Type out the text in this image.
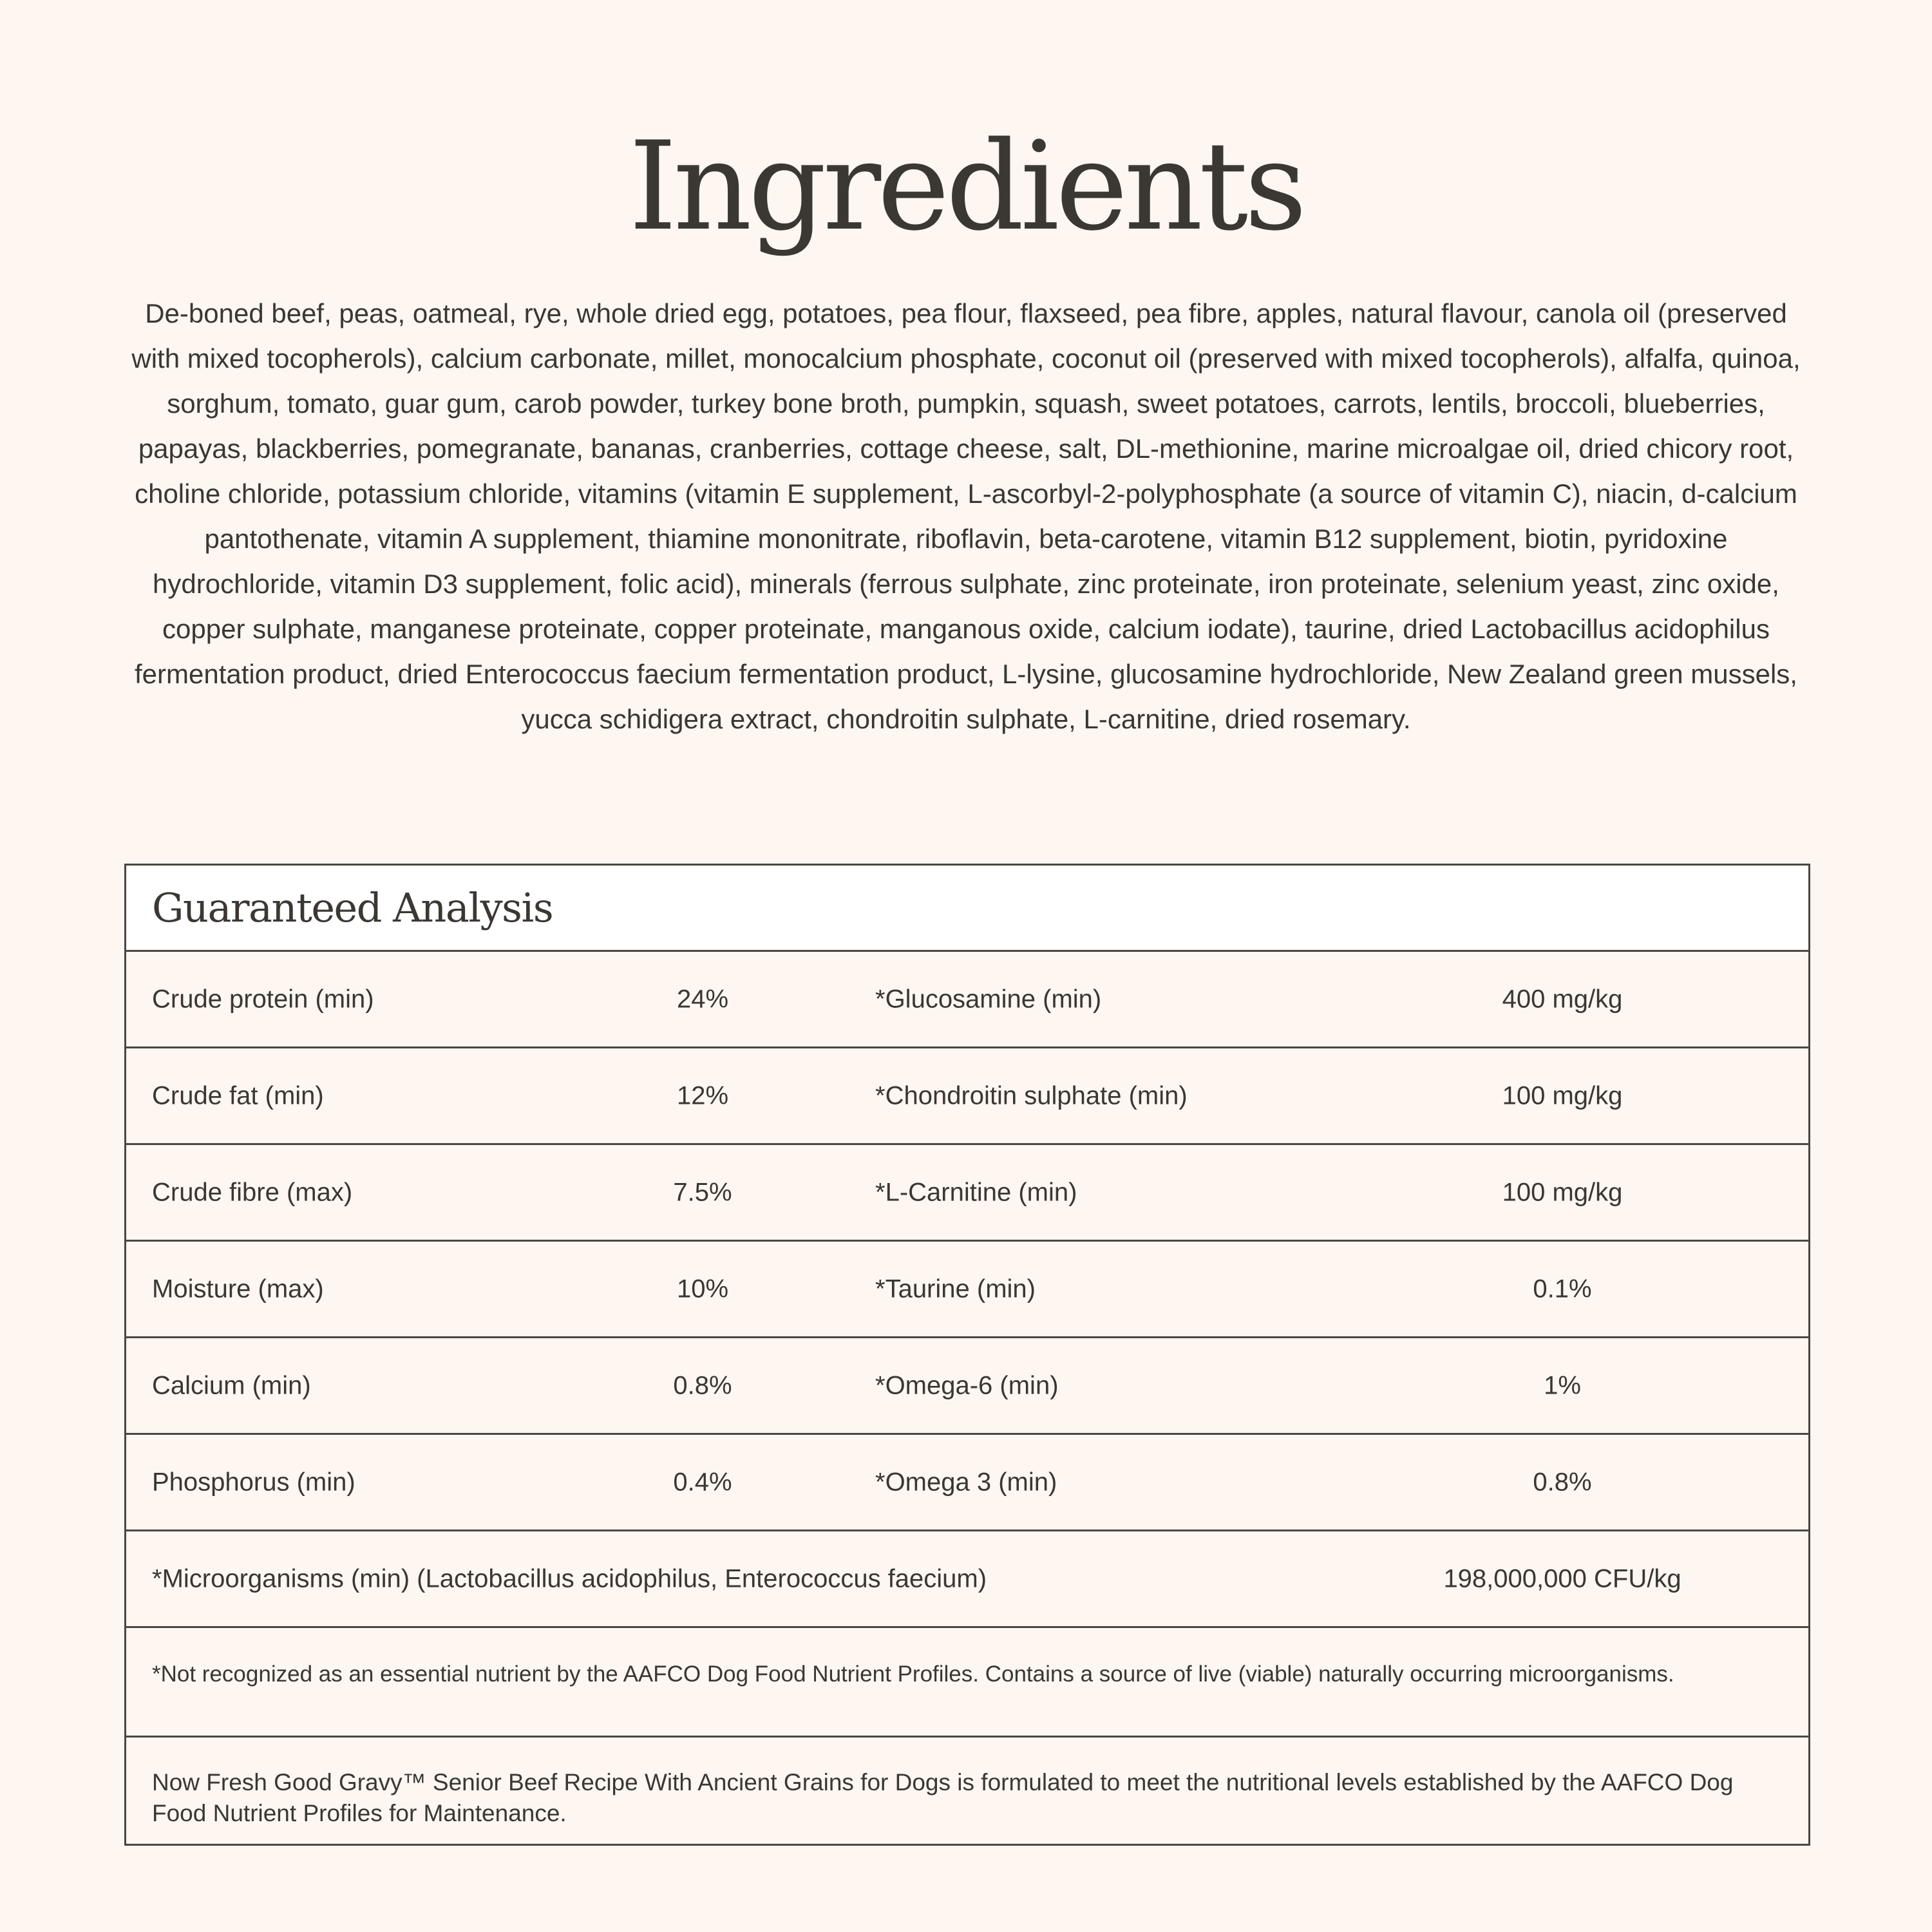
Ingredients

De-boned beef, peas, oatmeal, rye, whole dried egg, potatoes, pea flour, flaxseed, pea fibre, apples, natural flavour, canola oil (preserved with mixed tocopherols), calcium carbonate, millet, monocalcium phosphate, coconut oil (preserved with mixed tocopherols), alfalfa, quinoa, sorghum, tomato, guar gum, carob powder, turkey bone broth, pumpkin, squash, sweet potatoes, carrots, lentils, broccoli, blueberries, papayas, blackberries, pomegranate, bananas, cranberries, cottage cheese, salt, DL-methionine, marine microalgae oil, dried chicory root, choline chloride, potassium chloride, vitamins (vitamin E supplement, L-ascorbyl-2-polyphosphate (a source of vitamin C), niacin, d-calcium pantothenate, vitamin A supplement, thiamine mononitrate, riboflavin, beta-carotene, vitamin B12 supplement, biotin, pyridoxine hydrochloride, vitamin D3 supplement, folic acid), minerals (ferrous sulphate, zinc proteinate, iron proteinate, selenium yeast, zinc oxide, copper sulphate, manganese proteinate, copper proteinate, manganous oxide, calcium iodate), taurine, dried Lactobacillus acidophilus fermentation product, dried Enterococcus faecium fermentation product, L-lysine, glucosamine hydrochloride, New Zealand green mussels, yucca schidigera extract, chondroitin sulphate, L-carnitine, dried rosemary.

Guaranteed Analysis
Crude protein (min)	24%	*Glucosamine (min)	400 mg/kg
Crude fat (min)	12%	*Chondroitin sulphate (min)	100 mg/kg
Crude fibre (max)	7.5%	*L-Carnitine (min)	100 mg/kg
Moisture (max)	10%	*Taurine (min)	0.1%
Calcium (min)	0.8%	*Omega-6 (min)	1%
Phosphorus (min)	0.4%	*Omega 3 (min)	0.8%
*Microorganisms (min) (Lactobacillus acidophilus, Enterococcus faecium)	198,000,000 CFU/kg
*Not recognized as an essential nutrient by the AAFCO Dog Food Nutrient Profiles. Contains a source of live (viable) naturally occurring microorganisms.
Now Fresh Good Gravy™ Senior Beef Recipe With Ancient Grains for Dogs is formulated to meet the nutritional levels established by the AAFCO Dog Food Nutrient Profiles for Maintenance.
